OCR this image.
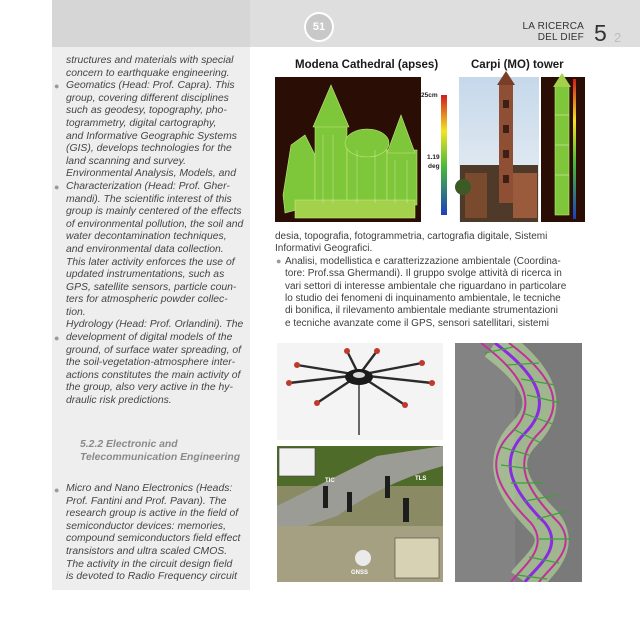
51	LA RICERCA
DEL DIEF 5 2
structures and materials with special
concern to earthquake engineering.
Geomatics (Head: Prof. Capra). This
group, covering different disciplines
such as geodesy, topography, pho-
togrammetry, digital cartography,
and Informative Geographic Systems
(GIS), develops technologies for the
land scanning and survey.
Environmental Analysis, Models, and
Characterization (Head: Prof. Gher-
mandi). The scientific interest of this
group is mainly centered of the effects
of environmental pollution, the soil and
water decontamination techniques,
and environmental data collection.
This later activity enforces the use of
updated instrumentations, such as
GPS, satellite sensors, particle coun-
ters for atmospheric powder collec-
tion.
Hydrology (Head: Prof. Orlandini). The
development of digital models of the
ground, of surface water spreading, of
the soil-vegetation-atmosphere inter-
actions constitutes the main activity of
the group, also very active in the hy-
draulic risk predictions.
●
●
●
●
5.2.2 Electronic and
Telecommunication Engineering
Micro and Nano Electronics (Heads:
Prof. Fantini and Prof. Pavan). The
research group is active in the field of
semiconductor devices: memories,
compound semiconductors field effect
transistors and ultra scaled CMOS.
The activity in the circuit design field
is devoted to Radio Frequency circuit
Modena Cathedral (apses)	Carpi (MO) tower
25cm
1.19
deg
desia, topografia, fotogrammetria, cartografia digitale, Sistemi
Informativi Geografici.
Analisi, modellistica e caratterizzazione ambientale (Coordina-
tore: Prof.ssa Ghermandi). Il gruppo svolge attività di ricerca in
vari settori di interesse ambientale che riguardano in particolare
lo studio dei fenomeni di inquinamento ambientale, le tecniche
di bonifica, il rilevamento ambientale mediante strumentazioni
e tecniche avanzate come il GPS, sensori satellitari, sistemi
●
TIC	TLS
GNSS
